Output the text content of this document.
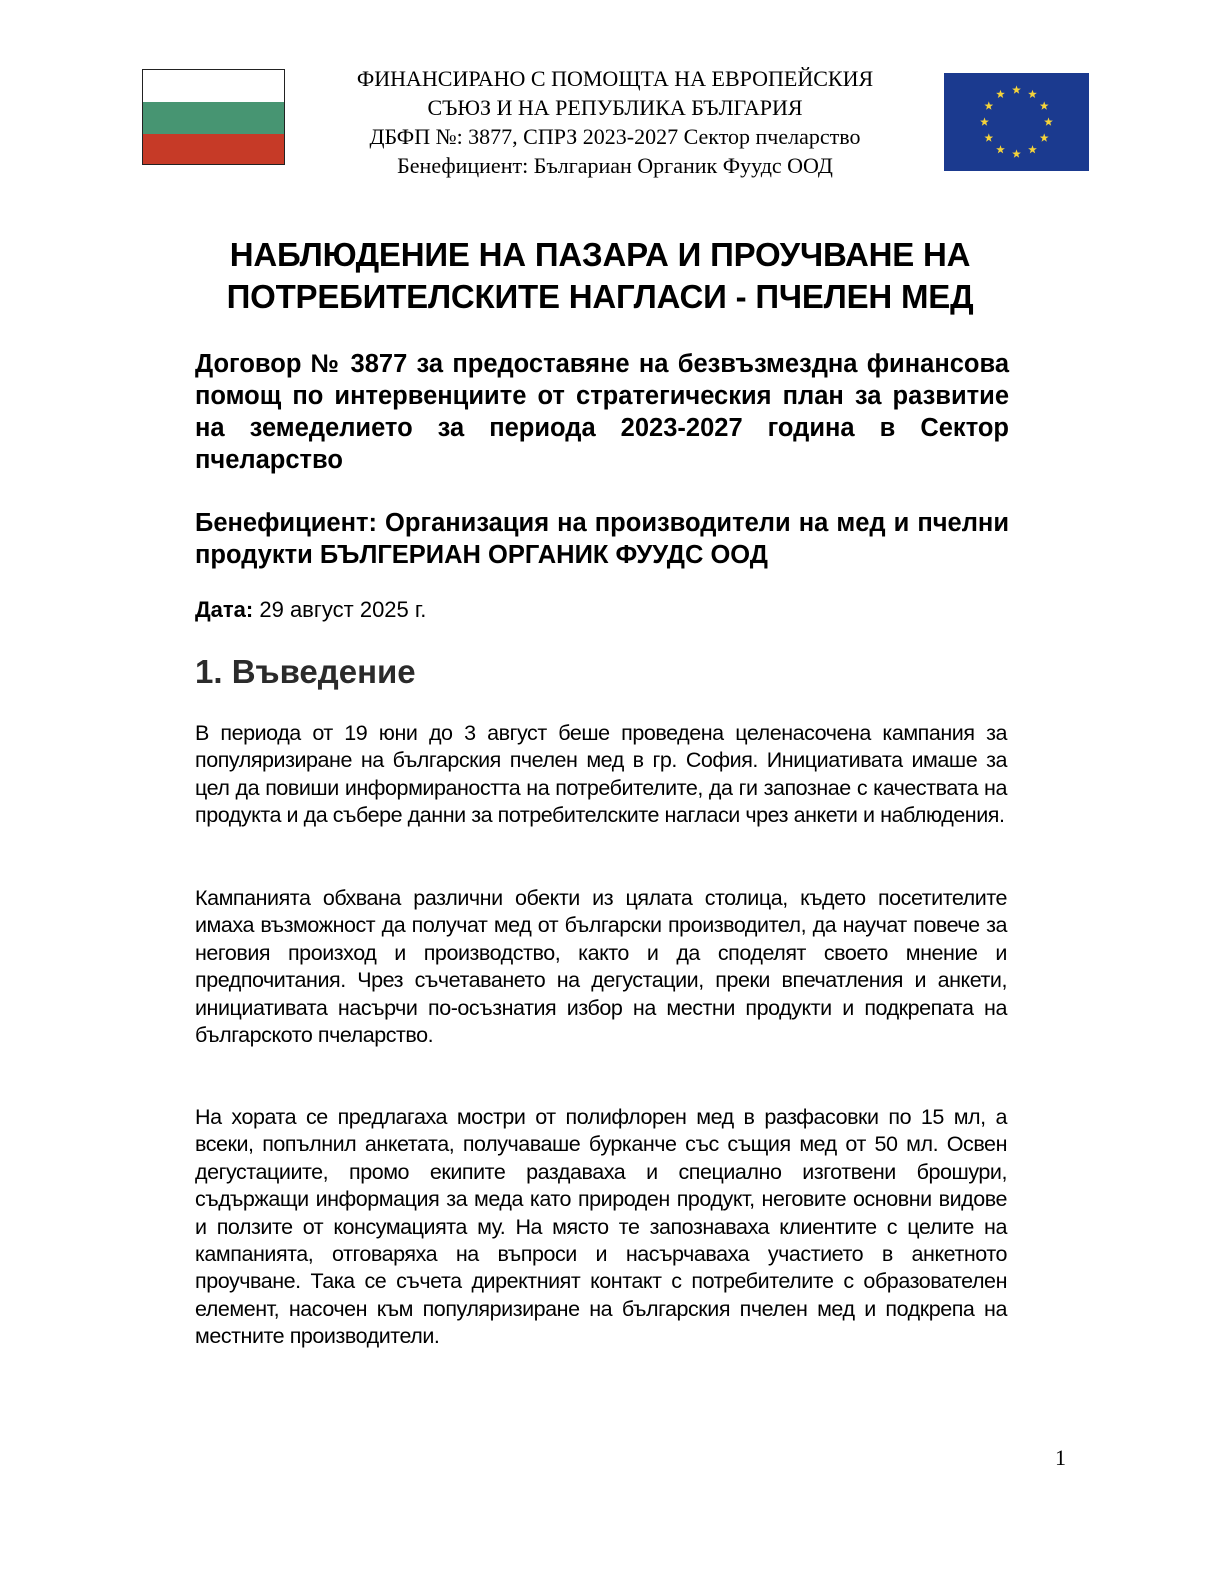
ФИНАНСИРАНО С ПОМОЩТА НА ЕВРОПЕЙСКИЯ
СЪЮЗ И НА РЕПУБЛИКА БЪЛГАРИЯ
ДБФП №: 3877, СПРЗ 2023-2027 Сектор пчеларство
Бенефициент: Българиан Органик Фуудс ООД
НАБЛЮДЕНИЕ НА ПАЗАРА И ПРОУЧВАНЕ НА
ПОТРЕБИТЕЛСКИТЕ НАГЛАСИ - ПЧЕЛЕН МЕД
Договор № 3877 за предоставяне на безвъзмездна финансова помощ по интервенциите от стратегическия план за развитие на земеделието за периода 2023-2027 година в Сектор пчеларство
Бенефициент: Организация на производители на мед и пчелни продукти БЪЛГЕРИАН ОРГАНИК ФУУДС ООД
Дата: 29 август 2025 г.
1. Въведение
В периода от 19 юни до 3 август беше проведена целенасочена кампания за популяризиране на българския пчелен мед в гр. София. Инициативата имаше за цел да повиши информираността на потребителите, да ги запознае с качествата на продукта и да събере данни за потребителските нагласи чрез анкети и наблюдения.
Кампанията обхвана различни обекти из цялата столица, където посетителите имаха възможност да получат мед от български производител, да научат повече за неговия произход и производство, както и да споделят своето мнение и предпочитания. Чрез съчетаването на дегустации, преки впечатления и анкети, инициативата насърчи по-осъзнатия избор на местни продукти и подкрепата на българското пчеларство.
На хората се предлагаха мостри от полифлорен мед в разфасовки по 15 мл, а всеки, попълнил анкетата, получаваше бурканче със същия мед от 50 мл. Освен дегустациите, промо екипите раздаваха и специално изготвени брошури, съдържащи информация за меда като природен продукт, неговите основни видове и ползите от консумацията му. На място те запознаваха клиентите с целите на кампанията, отговаряха на въпроси и насърчаваха участието в анкетното проучване. Така се съчета директният контакт с потребителите с образователен елемент, насочен към популяризиране на българския пчелен мед и подкрепа на местните производители.
1
